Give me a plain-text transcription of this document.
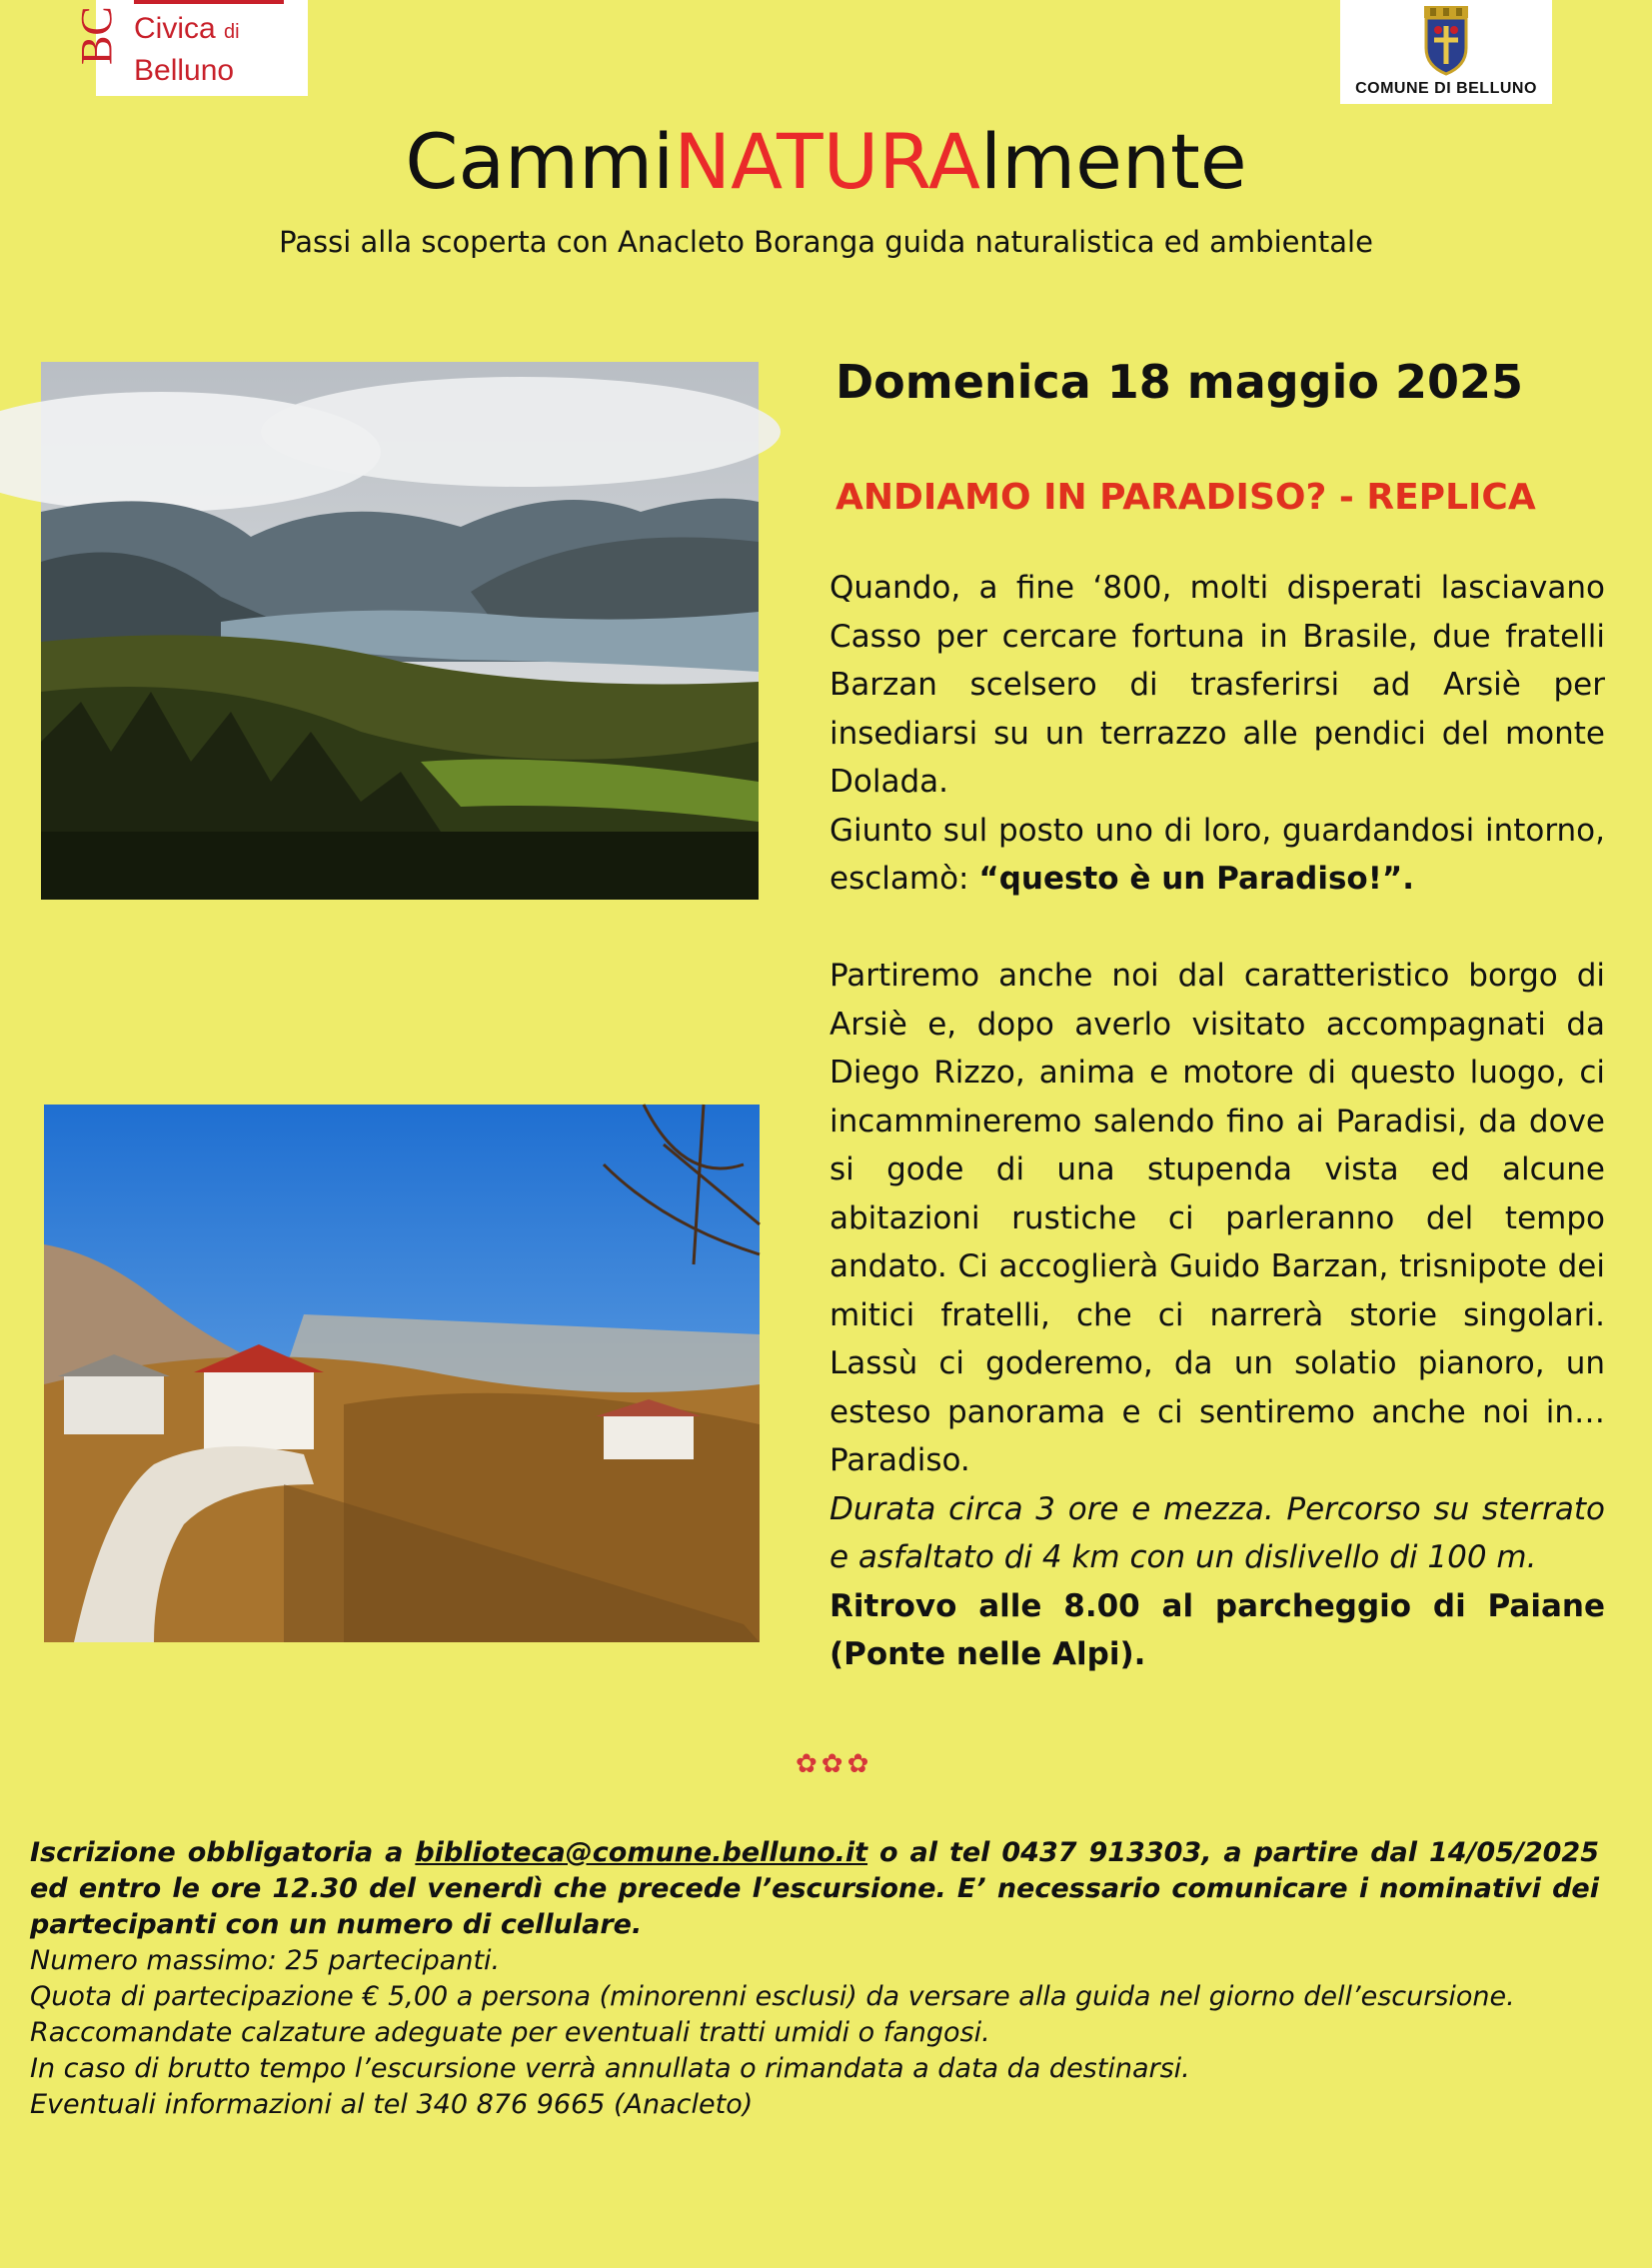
BC Civica di
Belluno
COMUNE DI BELLUNO
CammiNATURAlmente
Passi alla scoperta con Anacleto Boranga guida naturalistica ed ambientale
Domenica 18 maggio 2025
ANDIAMO IN PARADISO? - REPLICA

Quando, a fine ‘800, molti disperati lasciavano Casso per cercare fortuna in Brasile, due fratelli Barzan scelsero di trasferirsi ad Arsiè per insediarsi su un terrazzo alle pendici del monte Dolada.

Giunto sul posto uno di loro, guardandosi intorno, esclamò: “questo è un Paradiso!”.

Partiremo anche noi dal caratteristico borgo di Arsiè e, dopo averlo visitato accompagnati da Diego Rizzo, anima e motore di questo luogo, ci incammineremo salendo fino ai Paradisi, da dove si gode di una stupenda vista ed alcune abitazioni rustiche ci parleranno del tempo andato. Ci accoglierà Guido Barzan, trisnipote dei mitici fratelli, che ci narrerà storie singolari. Lassù ci goderemo, da un solatio pianoro, un esteso panorama e ci sentiremo anche noi in… Paradiso.

Durata circa 3 ore e mezza. Percorso su sterrato e asfaltato di 4 km con un dislivello di 100 m.

Ritrovo alle 8.00 al parcheggio di Paiane (Ponte nelle Alpi).

✿✿✿

Iscrizione obbligatoria a biblioteca@comune.belluno.it o al tel 0437 913303, a partire dal 14/05/2025 ed entro le ore 12.30 del venerdì che precede l’escursione. E’ necessario comunicare i nominativi dei partecipanti con un numero di cellulare.

Numero massimo: 25 partecipanti.

Quota di partecipazione € 5,00 a persona (minorenni esclusi) da versare alla guida nel giorno dell’escursione.

Raccomandate calzature adeguate per eventuali tratti umidi o fangosi.

In caso di brutto tempo l’escursione verrà annullata o rimandata a data da destinarsi.

Eventuali informazioni al tel 340 876 9665 (Anacleto)
